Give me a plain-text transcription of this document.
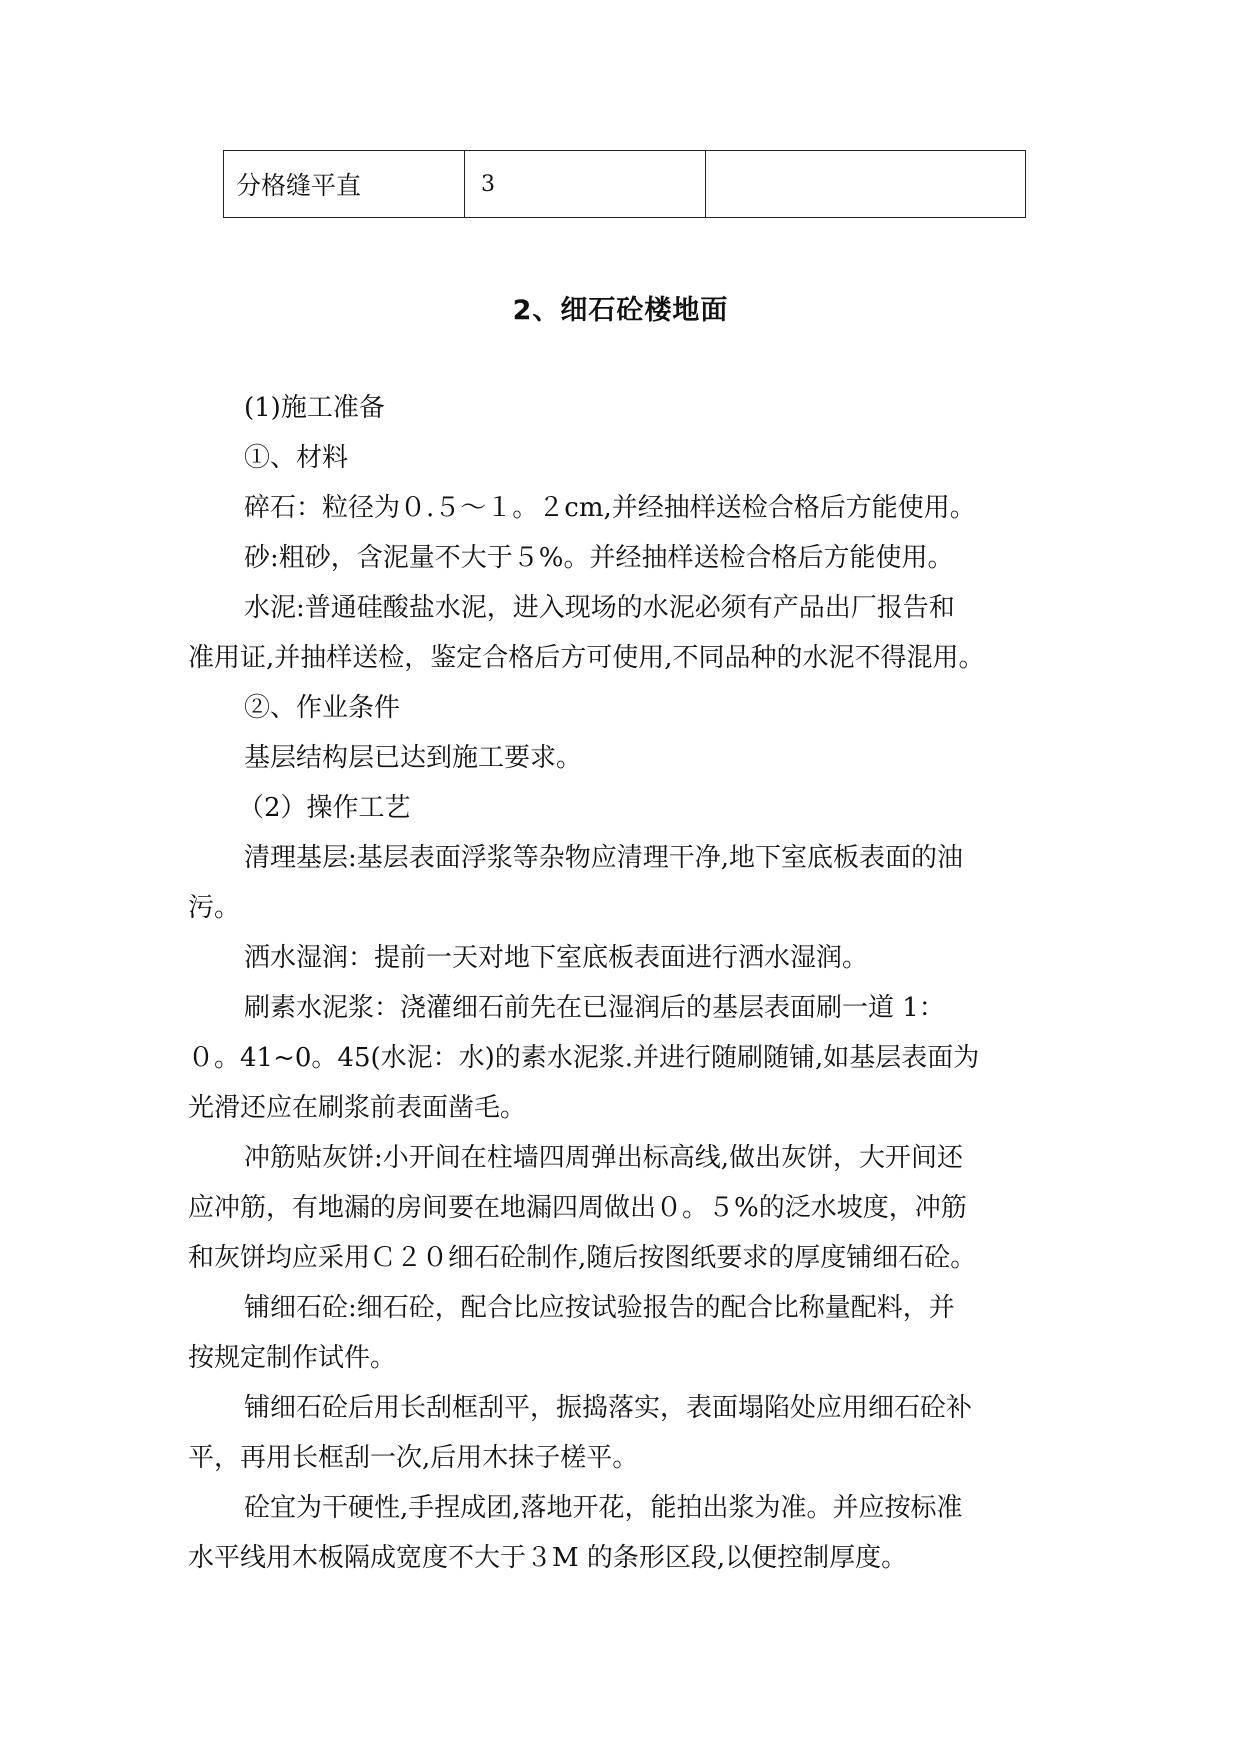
分格缝平直	3	
2、细石砼楼地面
(1)施工准备
①、材料
碎石：粒径为０.５～１。２cm,并经抽样送检合格后方能使用。
砂:粗砂，含泥量不大于５%。并经抽样送检合格后方能使用。
水泥:普通硅酸盐水泥，进入现场的水泥必须有产品出厂报告和
准用证,并抽样送检，鉴定合格后方可使用,不同品种的水泥不得混用。
②、作业条件
基层结构层已达到施工要求。
（2）操作工艺
清理基层:基层表面浮浆等杂物应清理干净,地下室底板表面的油
污。
洒水湿润：提前一天对地下室底板表面进行洒水湿润。
刷素水泥浆：浇灌细石前先在已湿润后的基层表面刷一道 1：
０。41~0。45(水泥：水)的素水泥浆.并进行随刷随铺,如基层表面为
光滑还应在刷浆前表面凿毛。
冲筋贴灰饼:小开间在柱墙四周弹出标高线,做出灰饼，大开间还
应冲筋，有地漏的房间要在地漏四周做出０。５%的泛水坡度，冲筋
和灰饼均应采用Ｃ２０细石砼制作,随后按图纸要求的厚度铺细石砼。
铺细石砼:细石砼，配合比应按试验报告的配合比称量配料，并
按规定制作试件。
铺细石砼后用长刮框刮平，振捣落实，表面塌陷处应用细石砼补
平，再用长框刮一次,后用木抹子槎平。
砼宜为干硬性,手捏成团,落地开花，能拍出浆为准。并应按标准
水平线用木板隔成宽度不大于３M 的条形区段,以便控制厚度。
